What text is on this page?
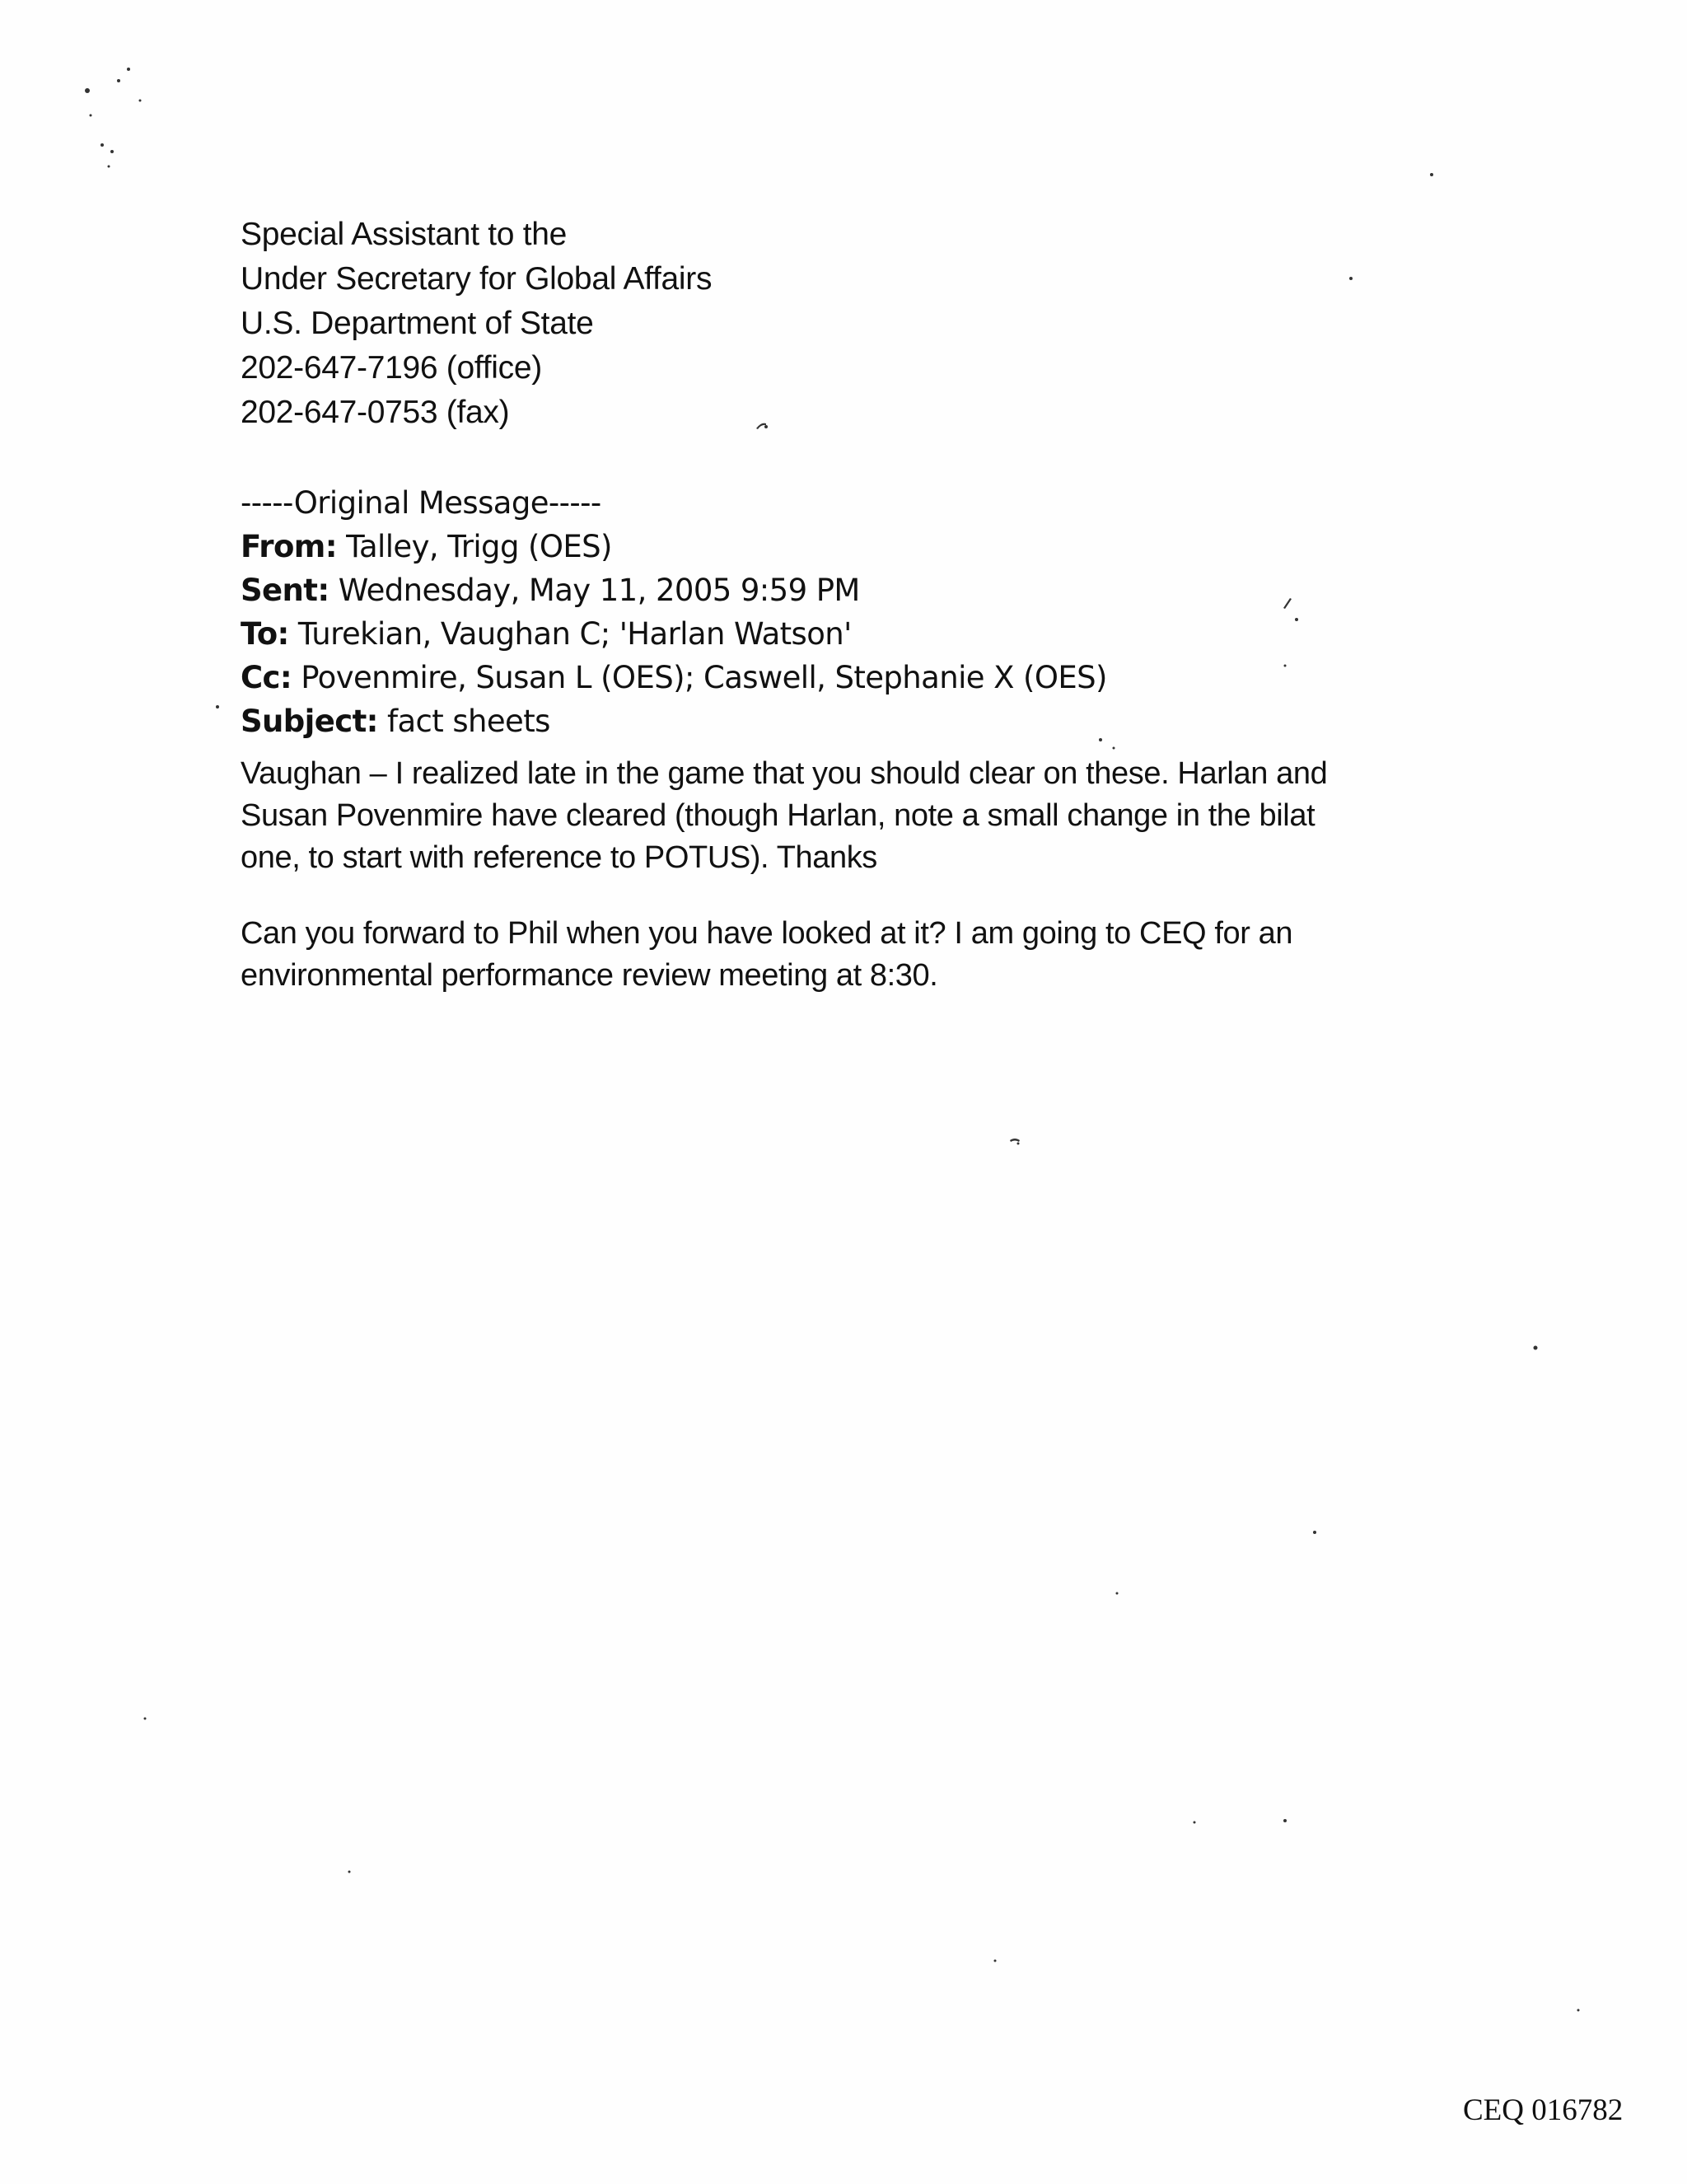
Special Assistant to the
Under Secretary for Global Affairs
U.S. Department of State
202-647-7196 (office)
202-647-0753 (fax)
-----Original Message-----
From: Talley, Trigg (OES)
Sent: Wednesday, May 11, 2005 9:59 PM
To: Turekian, Vaughan C; 'Harlan Watson'
Cc: Povenmire, Susan L (OES); Caswell, Stephanie X (OES)
Subject: fact sheets
Vaughan – I realized late in the game that you should clear on these. Harlan and
Susan Povenmire have cleared (though Harlan, note a small change in the bilat
one, to start with reference to POTUS). Thanks
Can you forward to Phil when you have looked at it? I am going to CEQ for an
environmental performance review meeting at 8:30.
CEQ 016782
